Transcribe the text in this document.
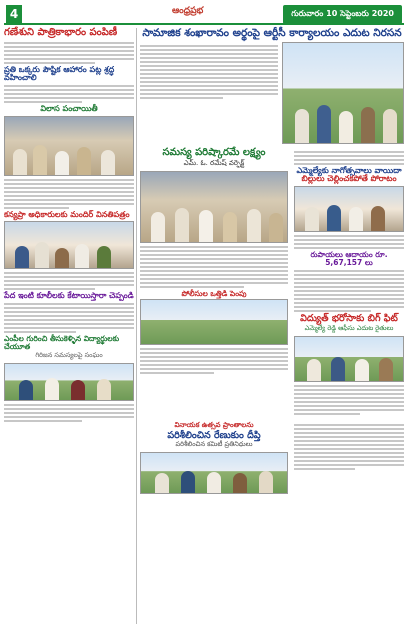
4	ఆంధ్రప్రభ	గురువారం 10 సెప్టెంబరు 2020
గణేశుని పాత్రికాభారం పంపిణీ
ప్రతి ఒక్కరు పౌష్టిక ఆహారం పట్ల శ్రద్ధ వహించాలి
విలాస పంచాయితీ
కన్యప్రా అధికారులకు మందిర్ వినతిపత్రం
పేద ఇంటి కూలీలకు కేటాయిస్తారా చెప్పండి
ఎంపీల గురించి తీసుకెళ్ళిన విద్యార్థులకు చేయూత
గిరిజన సమస్యలపై సంఘం
సామాజిక శంఖారావం అర్థంపై ఆర్టీసీ కార్యాలయం ఎదుట నిరసన
సమస్య పరిష్కారమే లక్ష్యం
ఎమ్. ఓ. రమేష్ వర్ఫెక్ట్
పోలీసుల ఒత్తిడి పెంపు
ఎమ్మెల్యేకు నాగోత్సవాలు వాయిదా
బిల్లులు చెల్లించకపోతే పోరాటం
రుపాయలు ఆదాయం రూ. 5,67,157 లు
విద్యుత్ భరోసాకు బిగ్ ఫిట్
ఎమ్మెల్యే రెడ్డి ఆఫీసు ఎదుట రైతులు
వినాయక ఉత్సవ ప్రాంతాలను
పరిశీలించిన రేణుకుం దీప్తి
పరిశీలించిన కమిటీ ప్రతినిధులు
